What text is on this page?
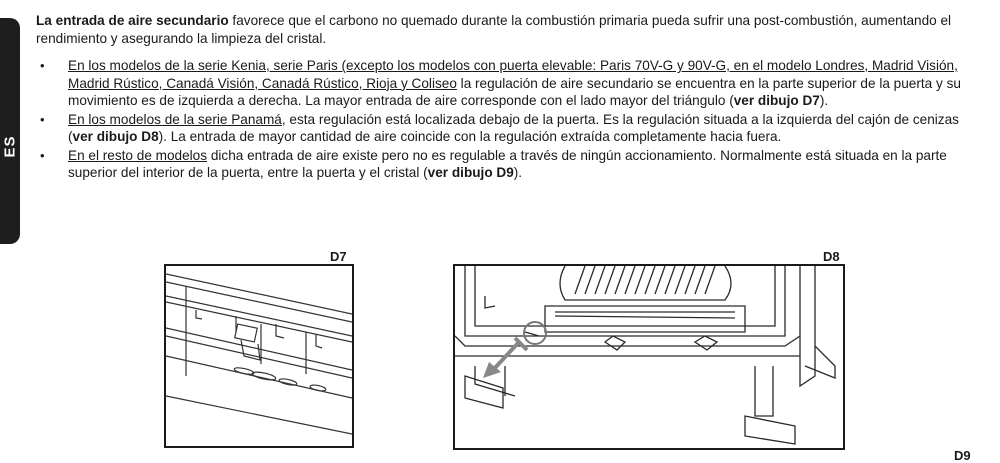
ES

La entrada de aire secundario favorece que el carbono no quemado durante la combustión primaria pueda sufrir una post-combustión, aumentando el rendimiento y asegurando la limpieza del cristal.

• En los modelos de la serie Kenia, serie Paris (excepto los modelos con puerta elevable: Paris 70V-G y 90V-G, en el modelo Londres, Madrid Visión, Madrid Rústico, Canadá Visión, Canadá Rústico, Rioja y Coliseo la regulación de aire secundario se encuentra en la parte superior de la puerta y su movimiento es de izquierda a derecha. La mayor entrada de aire corresponde con el lado mayor del triángulo (ver dibujo D7).
• En los modelos de la serie Panamá, esta regulación está localizada debajo de la puerta. Es la regulación situada a la izquierda del cajón de cenizas (ver dibujo D8). La entrada de mayor cantidad de aire coincide con la regulación extraída completamente hacia fuera.
• En el resto de modelos dicha entrada de aire existe pero no es regulable a través de ningún accionamiento. Normalmente está situada en la parte superior del interior de la puerta, entre la puerta y el cristal (ver dibujo D9).
D7	D8
D9
